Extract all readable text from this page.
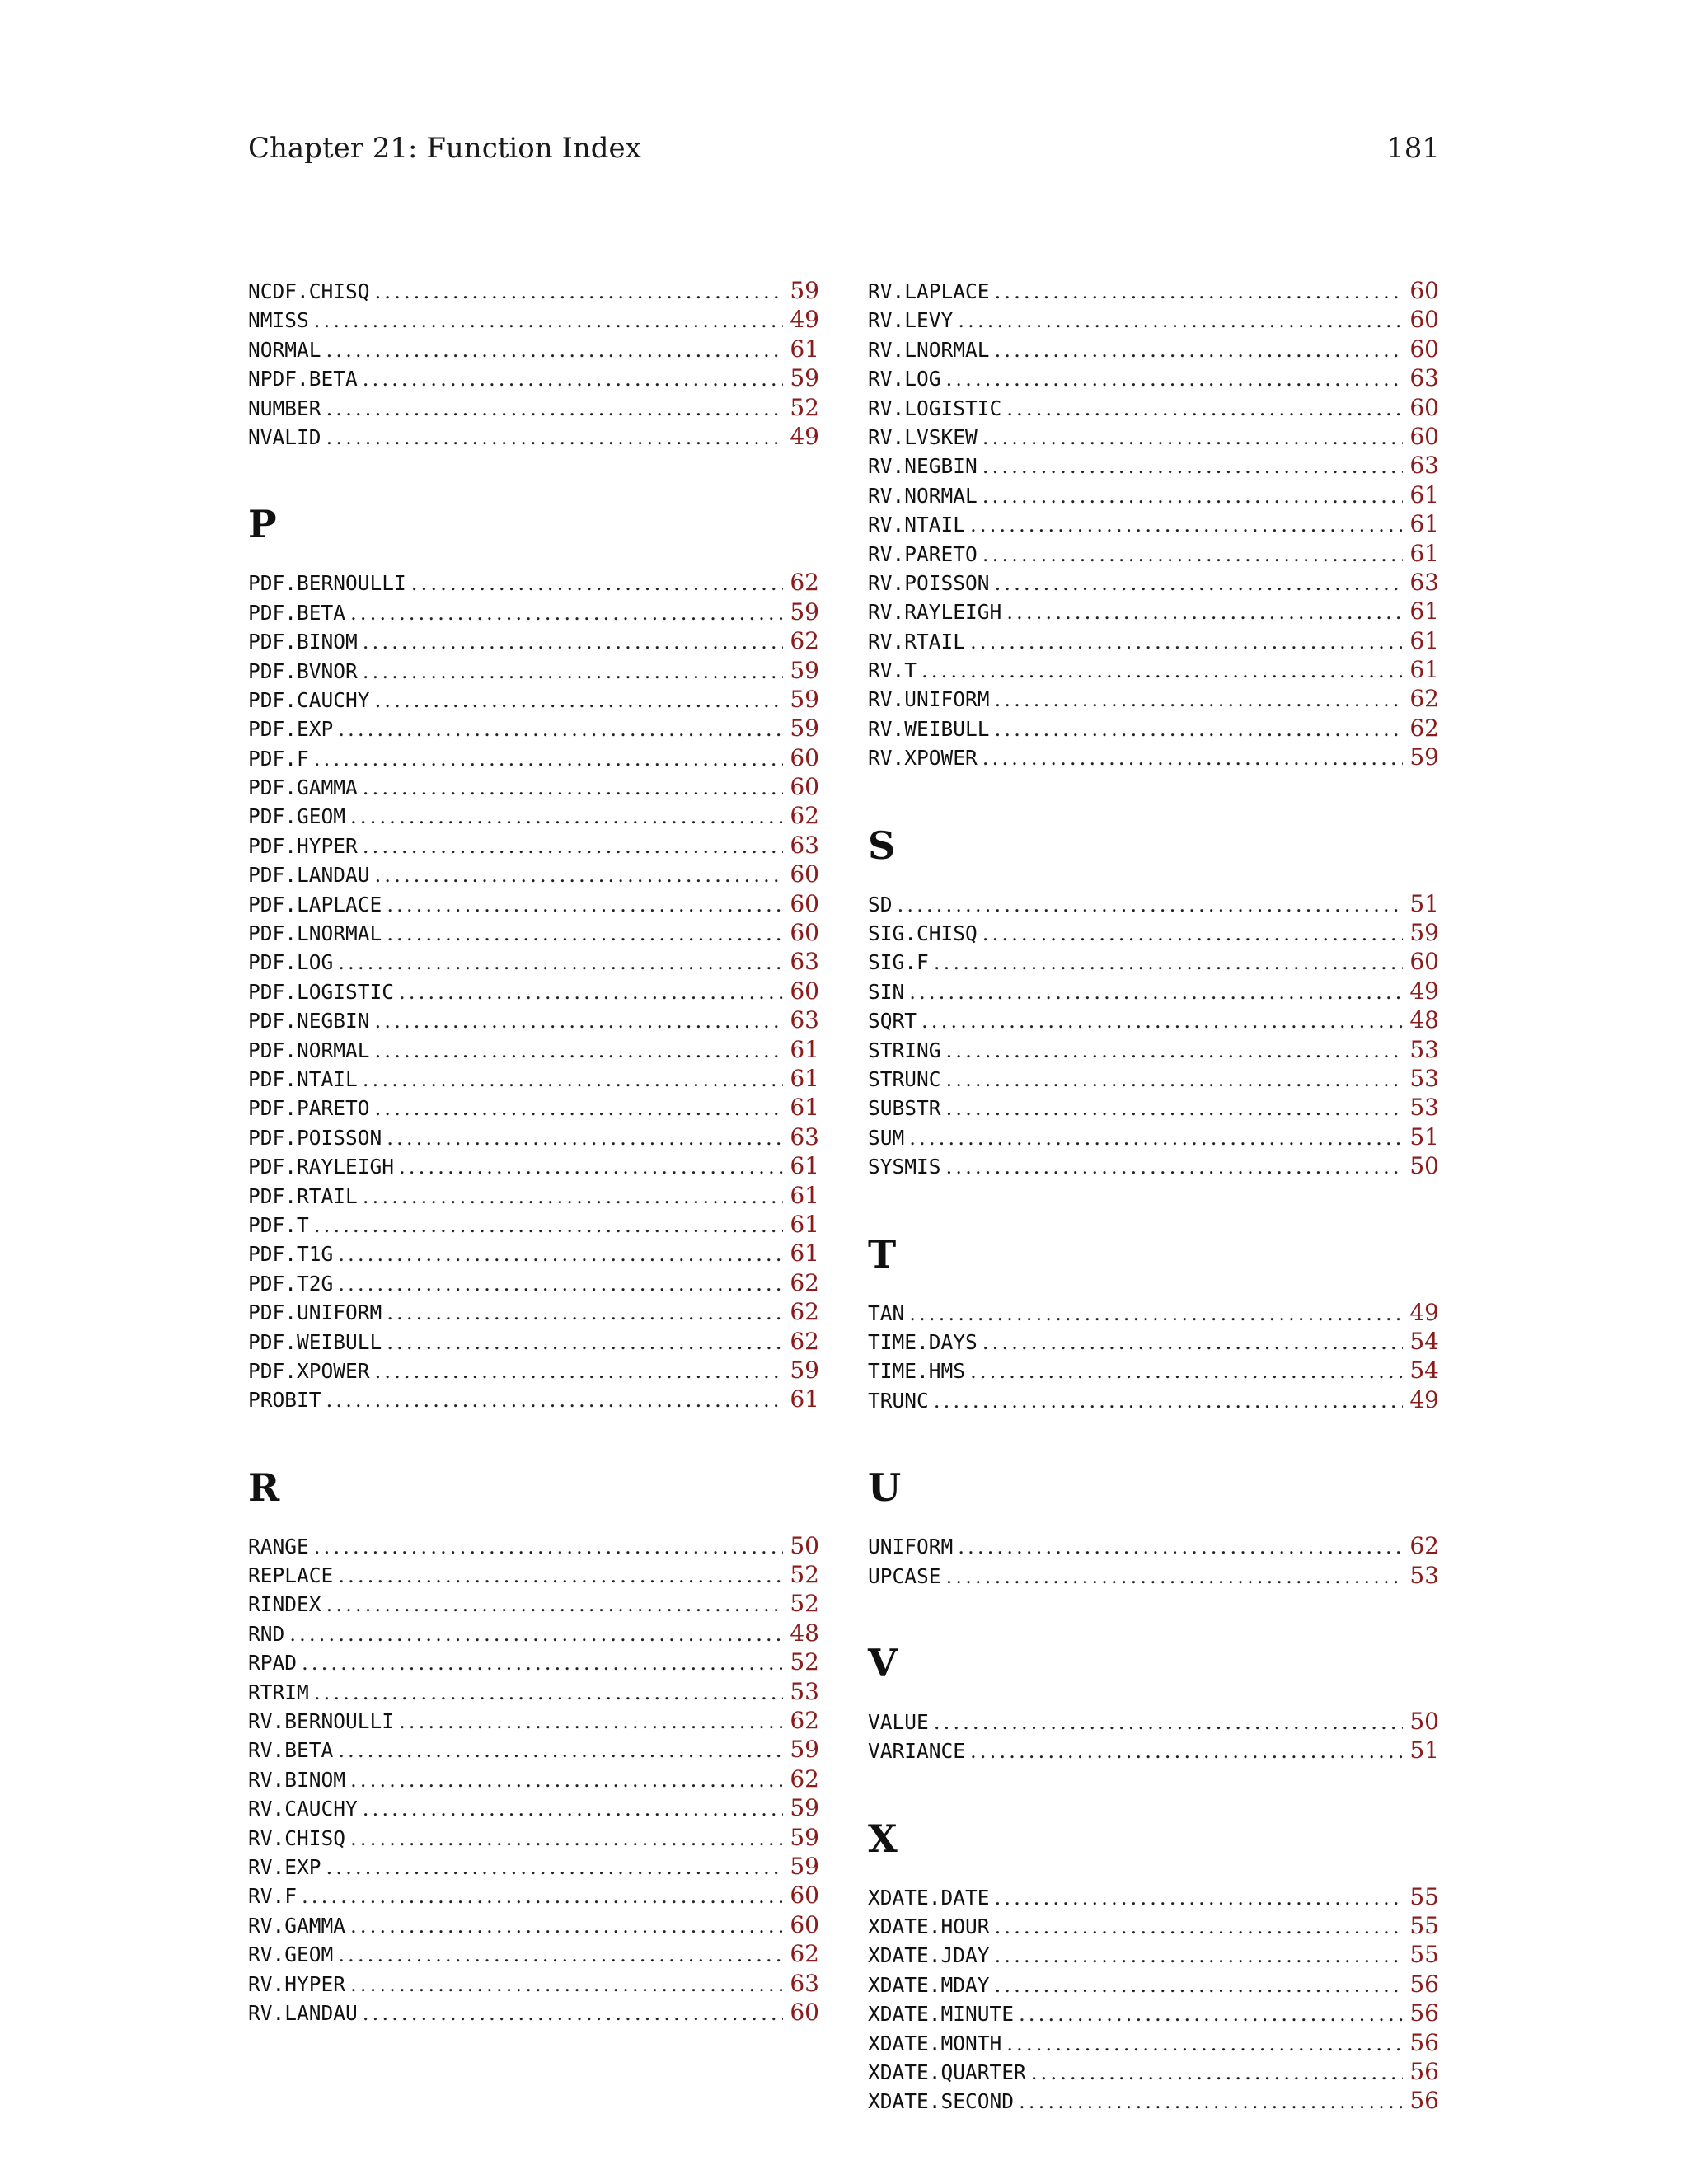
Chapter 21: Function Index	181
NCDF.CHISQ .....	59
NMISS .....	49
NORMAL .....	61
NPDF.BETA .....	59
NUMBER .....	52
NVALID .....	49
P
PDF.BERNOULLI .....	62
PDF.BETA .....	59
PDF.BINOM .....	62
PDF.BVNOR .....	59
PDF.CAUCHY .....	59
PDF.EXP .....	59
PDF.F .....	60
PDF.GAMMA .....	60
PDF.GEOM .....	62
PDF.HYPER .....	63
PDF.LANDAU .....	60
PDF.LAPLACE .....	60
PDF.LNORMAL .....	60
PDF.LOG .....	63
PDF.LOGISTIC .....	60
PDF.NEGBIN .....	63
PDF.NORMAL .....	61
PDF.NTAIL .....	61
PDF.PARETO .....	61
PDF.POISSON .....	63
PDF.RAYLEIGH .....	61
PDF.RTAIL .....	61
PDF.T .....	61
PDF.T1G .....	61
PDF.T2G .....	62
PDF.UNIFORM .....	62
PDF.WEIBULL .....	62
PDF.XPOWER .....	59
PROBIT .....	61
R
RANGE .....	50
REPLACE .....	52
RINDEX .....	52
RND .....	48
RPAD .....	52
RTRIM .....	53
RV.BERNOULLI .....	62
RV.BETA .....	59
RV.BINOM .....	62
RV.CAUCHY .....	59
RV.CHISQ .....	59
RV.EXP .....	59
RV.F .....	60
RV.GAMMA .....	60
RV.GEOM .....	62
RV.HYPER .....	63
RV.LANDAU .....	60
RV.LAPLACE .....	60
RV.LEVY .....	60
RV.LNORMAL .....	60
RV.LOG .....	63
RV.LOGISTIC .....	60
RV.LVSKEW .....	60
RV.NEGBIN .....	63
RV.NORMAL .....	61
RV.NTAIL .....	61
RV.PARETO .....	61
RV.POISSON .....	63
RV.RAYLEIGH .....	61
RV.RTAIL .....	61
RV.T .....	61
RV.UNIFORM .....	62
RV.WEIBULL .....	62
RV.XPOWER .....	59
S
SD .....	51
SIG.CHISQ .....	59
SIG.F .....	60
SIN .....	49
SQRT .....	48
STRING .....	53
STRUNC .....	53
SUBSTR .....	53
SUM .....	51
SYSMIS .....	50
T
TAN .....	49
TIME.DAYS .....	54
TIME.HMS .....	54
TRUNC .....	49
U
UNIFORM .....	62
UPCASE .....	53
V
VALUE .....	50
VARIANCE .....	51
X
XDATE.DATE .....	55
XDATE.HOUR .....	55
XDATE.JDAY .....	55
XDATE.MDAY .....	56
XDATE.MINUTE .....	56
XDATE.MONTH .....	56
XDATE.QUARTER .....	56
XDATE.SECOND .....	56
